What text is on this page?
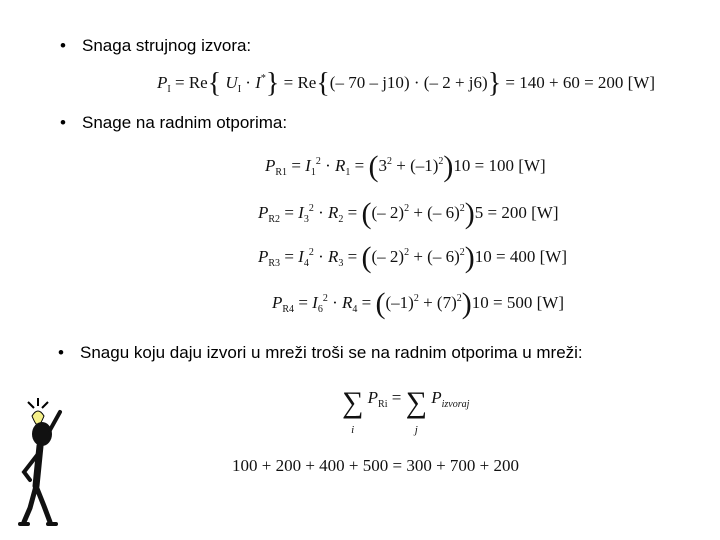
• Snaga strujnog izvora:
$P_I = Re${ $U_I \cdot I^*\} = Re\{(-$ 70 – j10) · (– 2 + j6)} = 140 + 60 = 200 [W]
• Snage na radnim otporima:
$P_{R1} = I_1^2 \cdot R_1 = (3^2 + (-1)^2)10 = 100$ [W]
$P_{R2} = I_3^2 \cdot R_2$ = ((– 2)$^2$ + (– 6)$^2$)5 = 200 [W]
$P_{R3} = I_4^2 \cdot R_3$ = ((– 2)$^2$ + (– 6)$^2$)10 = 400 [W]
$P_{R4} = I_6^2 \cdot R_4 = ((-1)^2 + (7)^2)10 = 500$ [W]
• Snagu koju daju izvori u mreži troši se na radnim otporima u mreži:
∑
i $P_{Ri}$ = ∑
j $P_{izvoraj}$
100 + 200 + 400 + 500 = 300 + 700 + 200
